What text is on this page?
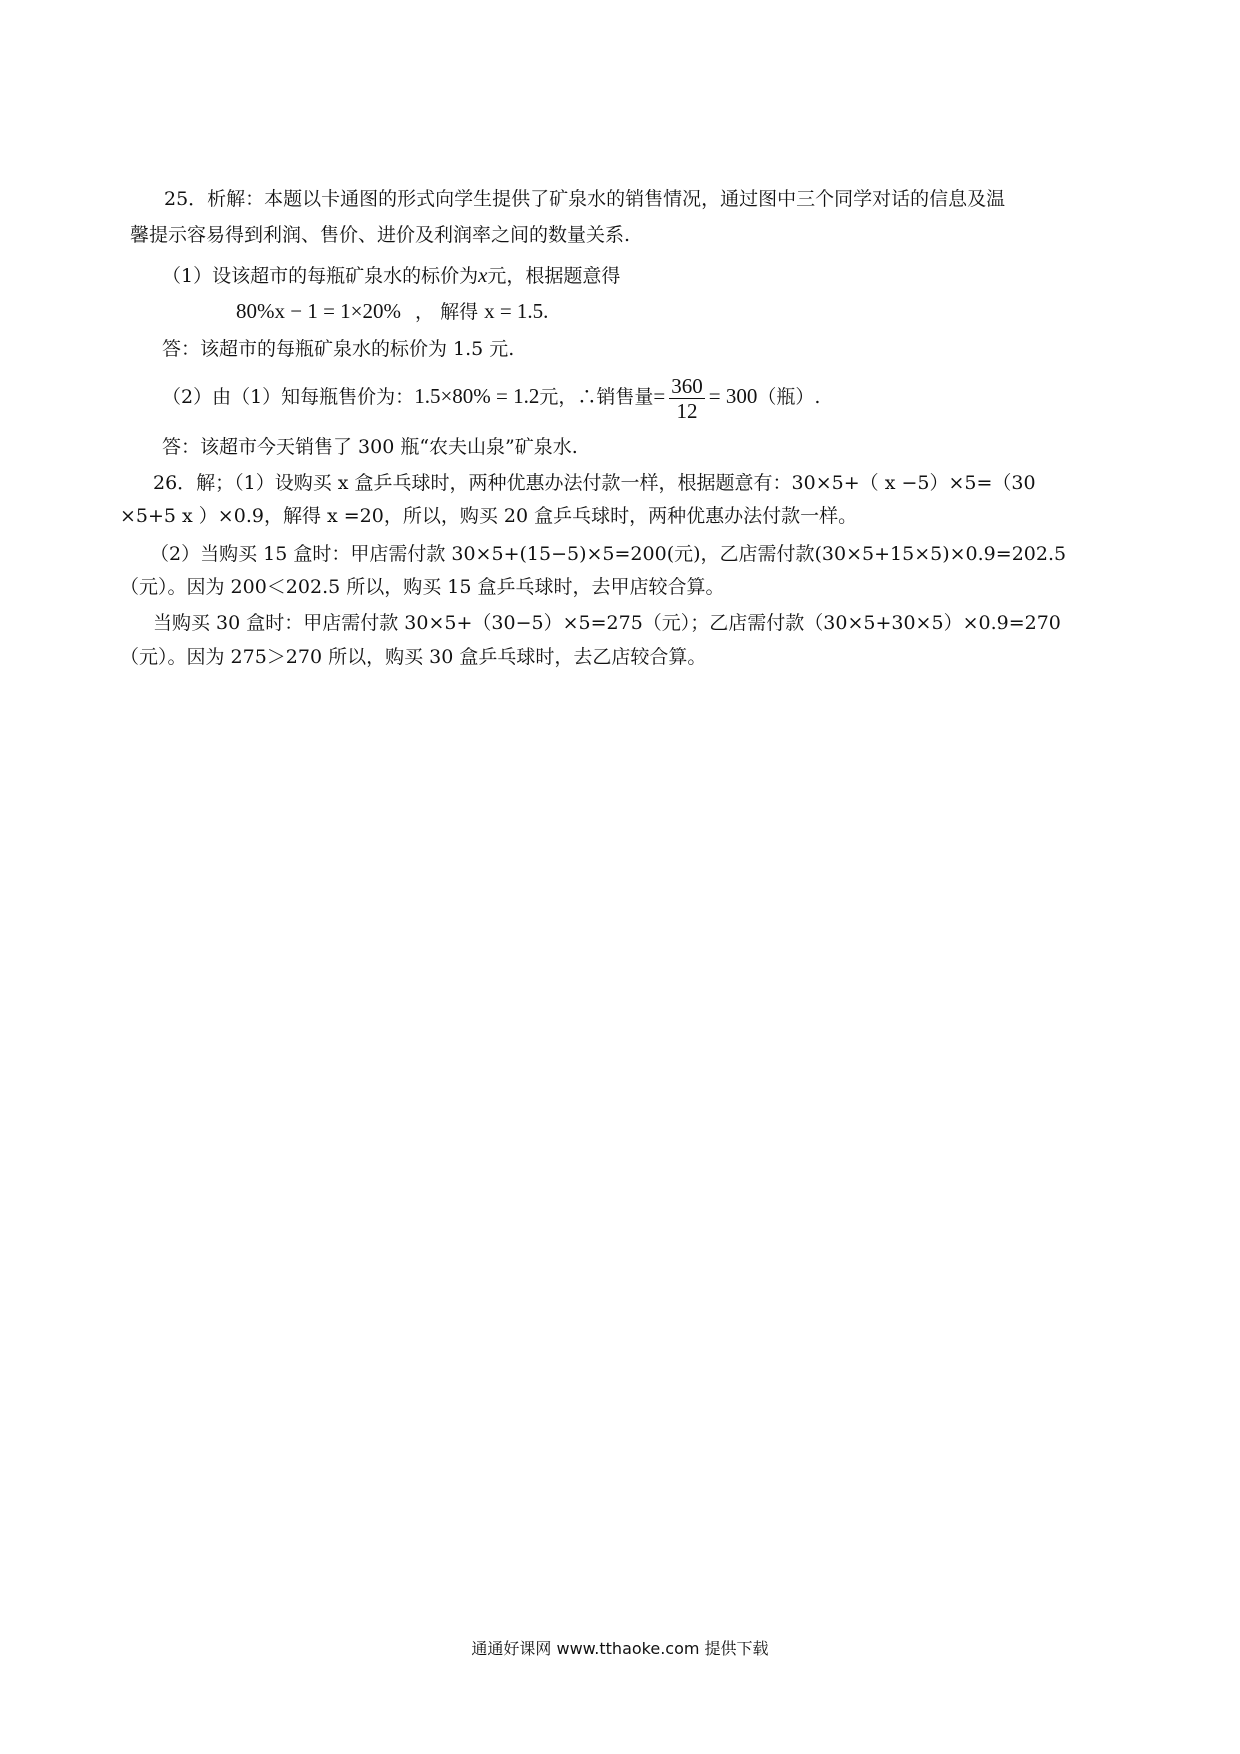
25．析解：本题以卡通图的形式向学生提供了矿泉水的销售情况，通过图中三个同学对话的信息及温
馨提示容易得到利润、售价、进价及利润率之间的数量关系.
（1）设该超市的每瓶矿泉水的标价为x元，根据题意得
80%x − 1 = 1×20% ， 解得 x = 1.5.
答：该超市的每瓶矿泉水的标价为 1.5 元.
（2）由（1）知每瓶售价为：1.5×80% = 1.2元，∴销售量= $\frac{360}{12} = 300$（瓶）.
答：该超市今天销售了 300 瓶“农夫山泉”矿泉水.
26．解；（1）设购买 x 盒乒乓球时，两种优惠办法付款一样，根据题意有：30×5+（ x −5）×5=（30
×5+5 x ）×0.9，解得 x =20，所以，购买 20 盒乒乓球时，两种优惠办法付款一样。
（2）当购买 15 盒时：甲店需付款 30×5+(15−5)×5=200(元)，乙店需付款(30×5+15×5)×0.9=202.5
（元）。因为 200＜202.5 所以，购买 15 盒乒乓球时，去甲店较合算。
当购买 30 盒时：甲店需付款 30×5+（30−5）×5=275（元）；乙店需付款（30×5+30×5）×0.9=270
（元）。因为 275＞270 所以，购买 30 盒乒乓球时，去乙店较合算。
通通好课网 www.tthaoke.com 提供下载
